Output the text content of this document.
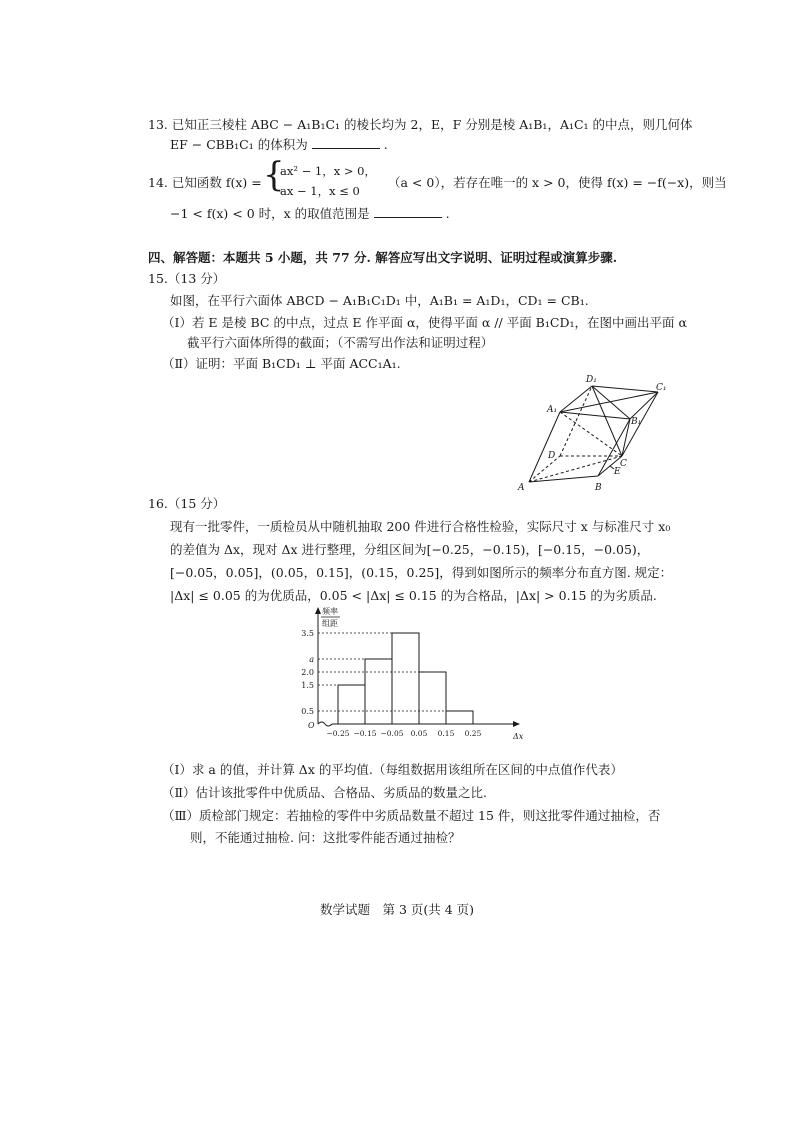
13. 已知正三棱柱 ABC − A₁B₁C₁ 的棱长均为 2，E，F 分别是棱 A₁B₁，A₁C₁ 的中点，则几何体
EF − CBB₁C₁ 的体积为	.
14. 已知函数 f(x) = {
ax² − 1，x > 0，
ax − 1，x ≤ 0
（a < 0），若存在唯一的 x > 0，使得 f(x) = −f(−x)，则当
−1 < f(x) < 0 时，x 的取值范围是	.
四、解答题：本题共 5 小题，共 77 分. 解答应写出文字说明、证明过程或演算步骤.
15.（13 分）
如图，在平行六面体 ABCD − A₁B₁C₁D₁ 中，A₁B₁ = A₁D₁，CD₁ = CB₁.
（Ⅰ）若 E 是棱 BC 的中点，过点 E 作平面 α，使得平面 α // 平面 B₁CD₁，在图中画出平面 α
截平行六面体所得的截面；（不需写出作法和证明过程）
（Ⅱ）证明：平面 B₁CD₁ ⊥ 平面 ACC₁A₁.
A	B
C
D
E
A₁
B₁
C₁
D₁
16.（15 分）
现有一批零件，一质检员从中随机抽取 200 件进行合格性检验，实际尺寸 x 与标准尺寸 x₀
的差值为 Δx，现对 Δx 进行整理，分组区间为[−0.25，−0.15)，[−0.15，−0.05)，
[−0.05，0.05]，(0.05，0.15]，(0.15，0.25]，得到如图所示的频率分布直方图. 规定：
|Δx| ≤ 0.05 的为优质品，0.05 < |Δx| ≤ 0.15 的为合格品，|Δx| > 0.15 的为劣质品.
频率
组距
O
0.5
1.5
2.0
a
3.5
−0.25 −0.15 −0.05 0.05 0.15 0.25	Δx
（Ⅰ）求 a 的值，并计算 Δx 的平均值.（每组数据用该组所在区间的中点值作代表）
（Ⅱ）估计该批零件中优质品、合格品、劣质品的数量之比.
（Ⅲ）质检部门规定：若抽检的零件中劣质品数量不超过 15 件，则这批零件通过抽检，否
则，不能通过抽检. 问：这批零件能否通过抽检？
数学试题　第 3 页(共 4 页)
